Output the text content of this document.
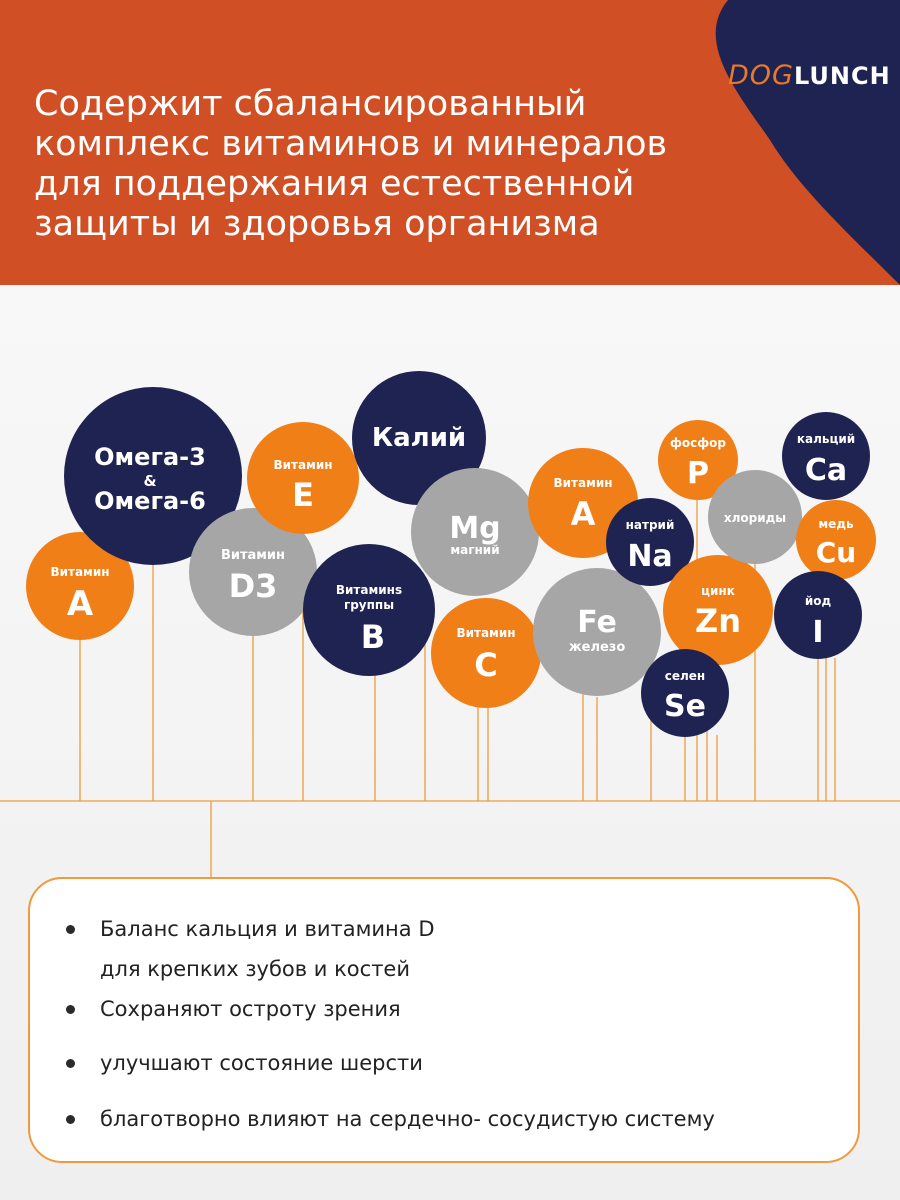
DOGLUNCH
Содержит сбалансированный
комплекс витаминов и минералов
для поддержания естественной
защиты и здоровья организма
Витамин
А
Омега-3
&
Омега-6
Витамин
D3
Витамин
Е
Калий
Mg
магний
Витаминs
группы
В	Витамин
С
Fe
железо
Витамин
А	натрий
Na
фосфор
P
цинк
Zn
селен
Se
хлориды
кальций
Ca
медь
Cu
йод
I
Баланс кальция и витамина D
для крепких зубов и костей
Сохраняют остроту зрения
улучшают состояние шерсти
благотворно влияют на сердечно- сосудистую систему
